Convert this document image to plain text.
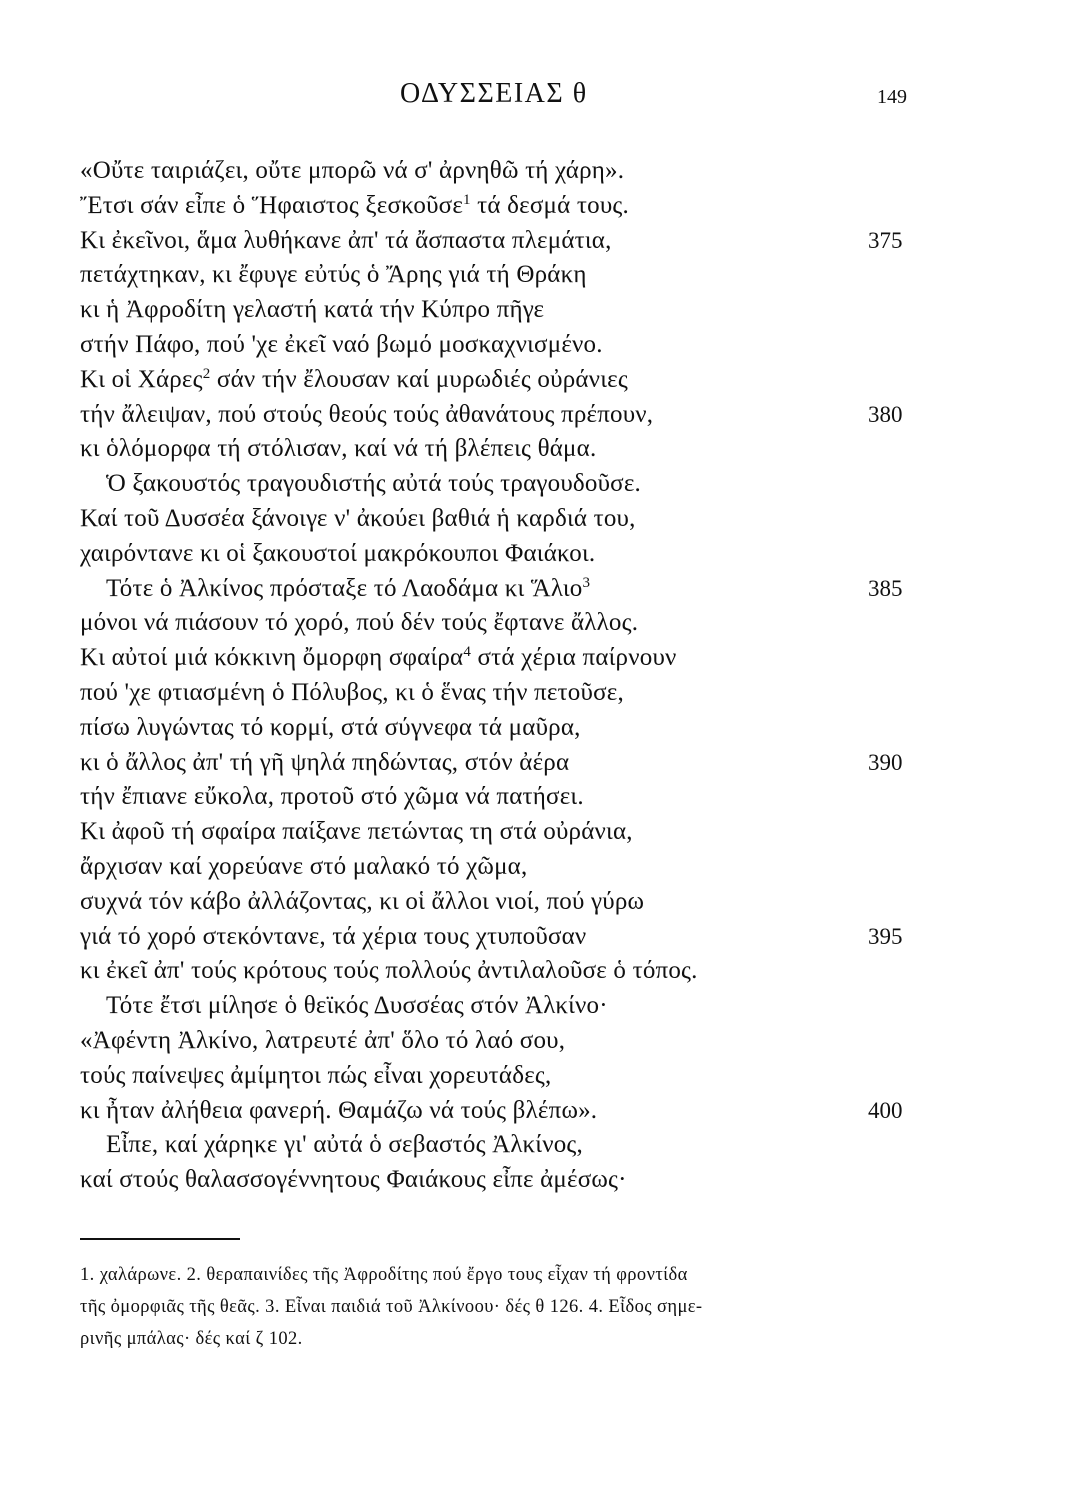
ΟΔΥΣΣΕΙΑΣ θ	149
«Οὔτε ταιριάζει, οὔτε μπορῶ νά σ' ἀρνηθῶ τή χάρη».
Ἔτσι σάν εἶπε ὁ Ἥφαιστος ξεσκοῦσε$^1$ τά δεσμά τους.
Κι ἐκεῖνοι, ἅμα λυθήκανε ἀπ' τά ἄσπαστα πλεμάτια,	375
πετάχτηκαν, κι ἔφυγε εὐτύς ὁ Ἄρης γιά τή Θράκη
κι ἡ Ἀφροδίτη γελαστή κατά τήν Κύπρο πῆγε
στήν Πάφο, πού 'χε ἐκεῖ ναό βωμό μοσκαχνισμένο.
Κι οἱ Χάρες$^2$ σάν τήν ἔλουσαν καί μυρωδιές οὐράνιες
τήν ἄλειψαν, πού στούς θεούς τούς ἀθανάτους πρέπουν,	380
κι ὁλόμορφα τή στόλισαν, καί νά τή βλέπεις θάμα.
Ὁ ξακουστός τραγουδιστής αὐτά τούς τραγουδοῦσε.
Καί τοῦ Δυσσέα ξάνοιγε ν' ἀκούει βαθιά ἡ καρδιά του,
χαιρόντανε κι οἱ ξακουστοί μακρόκουποι Φαιάκοι.
Τότε ὁ Ἀλκίνος πρόσταξε τό Λαοδάμα κι Ἅλιο$^3$	385
μόνοι νά πιάσουν τό χορό, πού δέν τούς ἔφτανε ἄλλος.
Κι αὐτοί μιά κόκκινη ὄμορφη σφαίρα$^4$ στά χέρια παίρνουν
πού 'χε φτιασμένη ὁ Πόλυβος, κι ὁ ἕνας τήν πετοῦσε,
πίσω λυγώντας τό κορμί, στά σύγνεφα τά μαῦρα,
κι ὁ ἄλλος ἀπ' τή γῆ ψηλά πηδώντας, στόν ἀέρα	390
τήν ἔπιανε εὔκολα, προτοῦ στό χῶμα νά πατήσει.
Κι ἀφοῦ τή σφαίρα παίξανε πετώντας τη στά οὐράνια,
ἄρχισαν καί χορεύανε στό μαλακό τό χῶμα,
συχνά τόν κάβο ἀλλάζοντας, κι οἱ ἄλλοι νιοί, πού γύρω
γιά τό χορό στεκόντανε, τά χέρια τους χτυποῦσαν	395
κι ἐκεῖ ἀπ' τούς κρότους τούς πολλούς ἀντιλαλοῦσε ὁ τόπος.
Τότε ἔτσι μίλησε ὁ θεϊκός Δυσσέας στόν Ἀλκίνο·
«Ἀφέντη Ἀλκίνο, λατρευτέ ἀπ' ὅλο τό λαό σου,
τούς παίνεψες ἀμίμητοι πώς εἶναι χορευτάδες,
κι ἦταν ἀλήθεια φανερή. Θαμάζω νά τούς βλέπω».	400
Εἶπε, καί χάρηκε γι' αὐτά ὁ σεβαστός Ἀλκίνος,
καί στούς θαλασσογέννητους Φαιάκους εἶπε ἀμέσως·
1. χαλάρωνε. 2. θεραπαινίδες τῆς Ἀφροδίτης πού ἔργο τους εἶχαν τή φροντίδα
τῆς ὀμορφιᾶς τῆς θεᾶς. 3. Εἶναι παιδιά τοῦ Ἀλκίνοου· δές θ 126. 4. Εἶδος σημε-
ρινῆς μπάλας· δές καί ζ 102.
